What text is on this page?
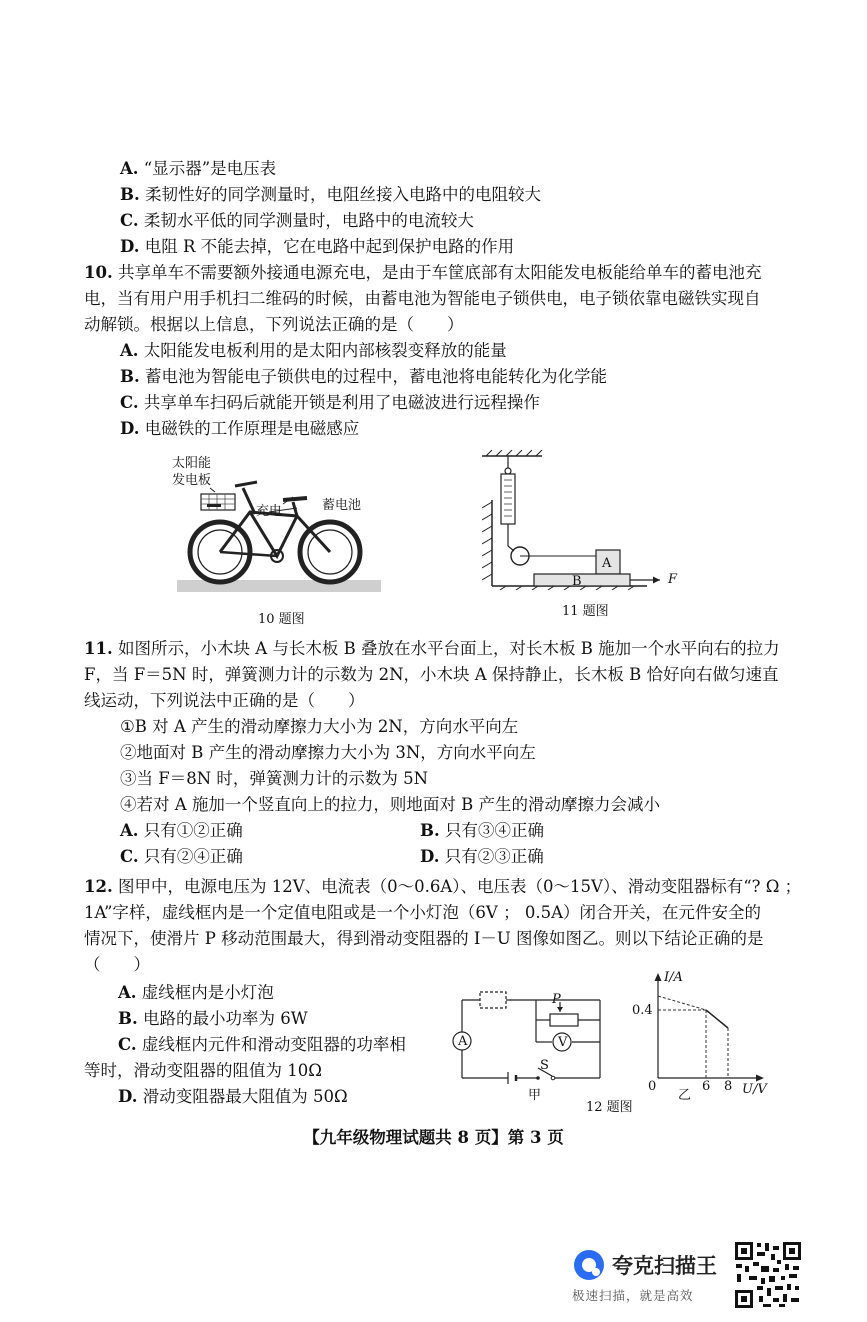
A. “显示器”是电压表
B. 柔韧性好的同学测量时，电阻丝接入电路中的电阻较大
C. 柔韧水平低的同学测量时，电路中的电流较大
D. 电阻 R 不能去掉，它在电路中起到保护电路的作用
10. 共享单车不需要额外接通电源充电，是由于车筐底部有太阳能发电板能给单车的蓄电池充
电，当有用户用手机扫二维码的时候，由蓄电池为智能电子锁供电，电子锁依靠电磁铁实现自
动解锁。根据以上信息，下列说法正确的是（　　）
A. 太阳能发电板利用的是太阳内部核裂变释放的能量
B. 蓄电池为智能电子锁供电的过程中，蓄电池将电能转化为化学能
C. 共享单车扫码后就能开锁是利用了电磁波进行远程操作
D. 电磁铁的工作原理是电磁感应
太阳能
发电板
充电	蓄电池
10 题图
A
B	F
11 题图
11. 如图所示，小木块 A 与长木板 B 叠放在水平台面上，对长木板 B 施加一个水平向右的拉力
F，当 F＝5N 时，弹簧测力计的示数为 2N，小木块 A 保持静止，长木板 B 恰好向右做匀速直
线运动，下列说法中正确的是（　　）
①B 对 A 产生的滑动摩擦力大小为 2N，方向水平向左
②地面对 B 产生的滑动摩擦力大小为 3N，方向水平向左
③当 F＝8N 时，弹簧测力计的示数为 5N
④若对 A 施加一个竖直向上的拉力，则地面对 B 产生的滑动摩擦力会减小
A. 只有①②正确	B. 只有③④正确
C. 只有②④正确	D. 只有②③正确
12. 图甲中，电源电压为 12V、电流表（0～0.6A）、电压表（0～15V）、滑动变阻器标有“? Ω ；
1A”字样，虚线框内是一个定值电阻或是一个小灯泡（6V ； 0.5A）闭合开关，在元件安全的
情况下，使滑片 P 移动范围最大，得到滑动变阻器的 I－U 图像如图乙。则以下结论正确的是
（　　）
A. 虚线框内是小灯泡
B. 电路的最小功率为 6W
C. 虚线框内元件和滑动变阻器的功率相
等时，滑动变阻器的阻值为 10Ω
D. 滑动变阻器最大阻值为 50Ω
P
A	V
S
甲
I/A
0.4
0	6 8
乙	U/V
12 题图
【九年级物理试题共 8 页】第 3 页
夸克扫描王
极速扫描，就是高效
